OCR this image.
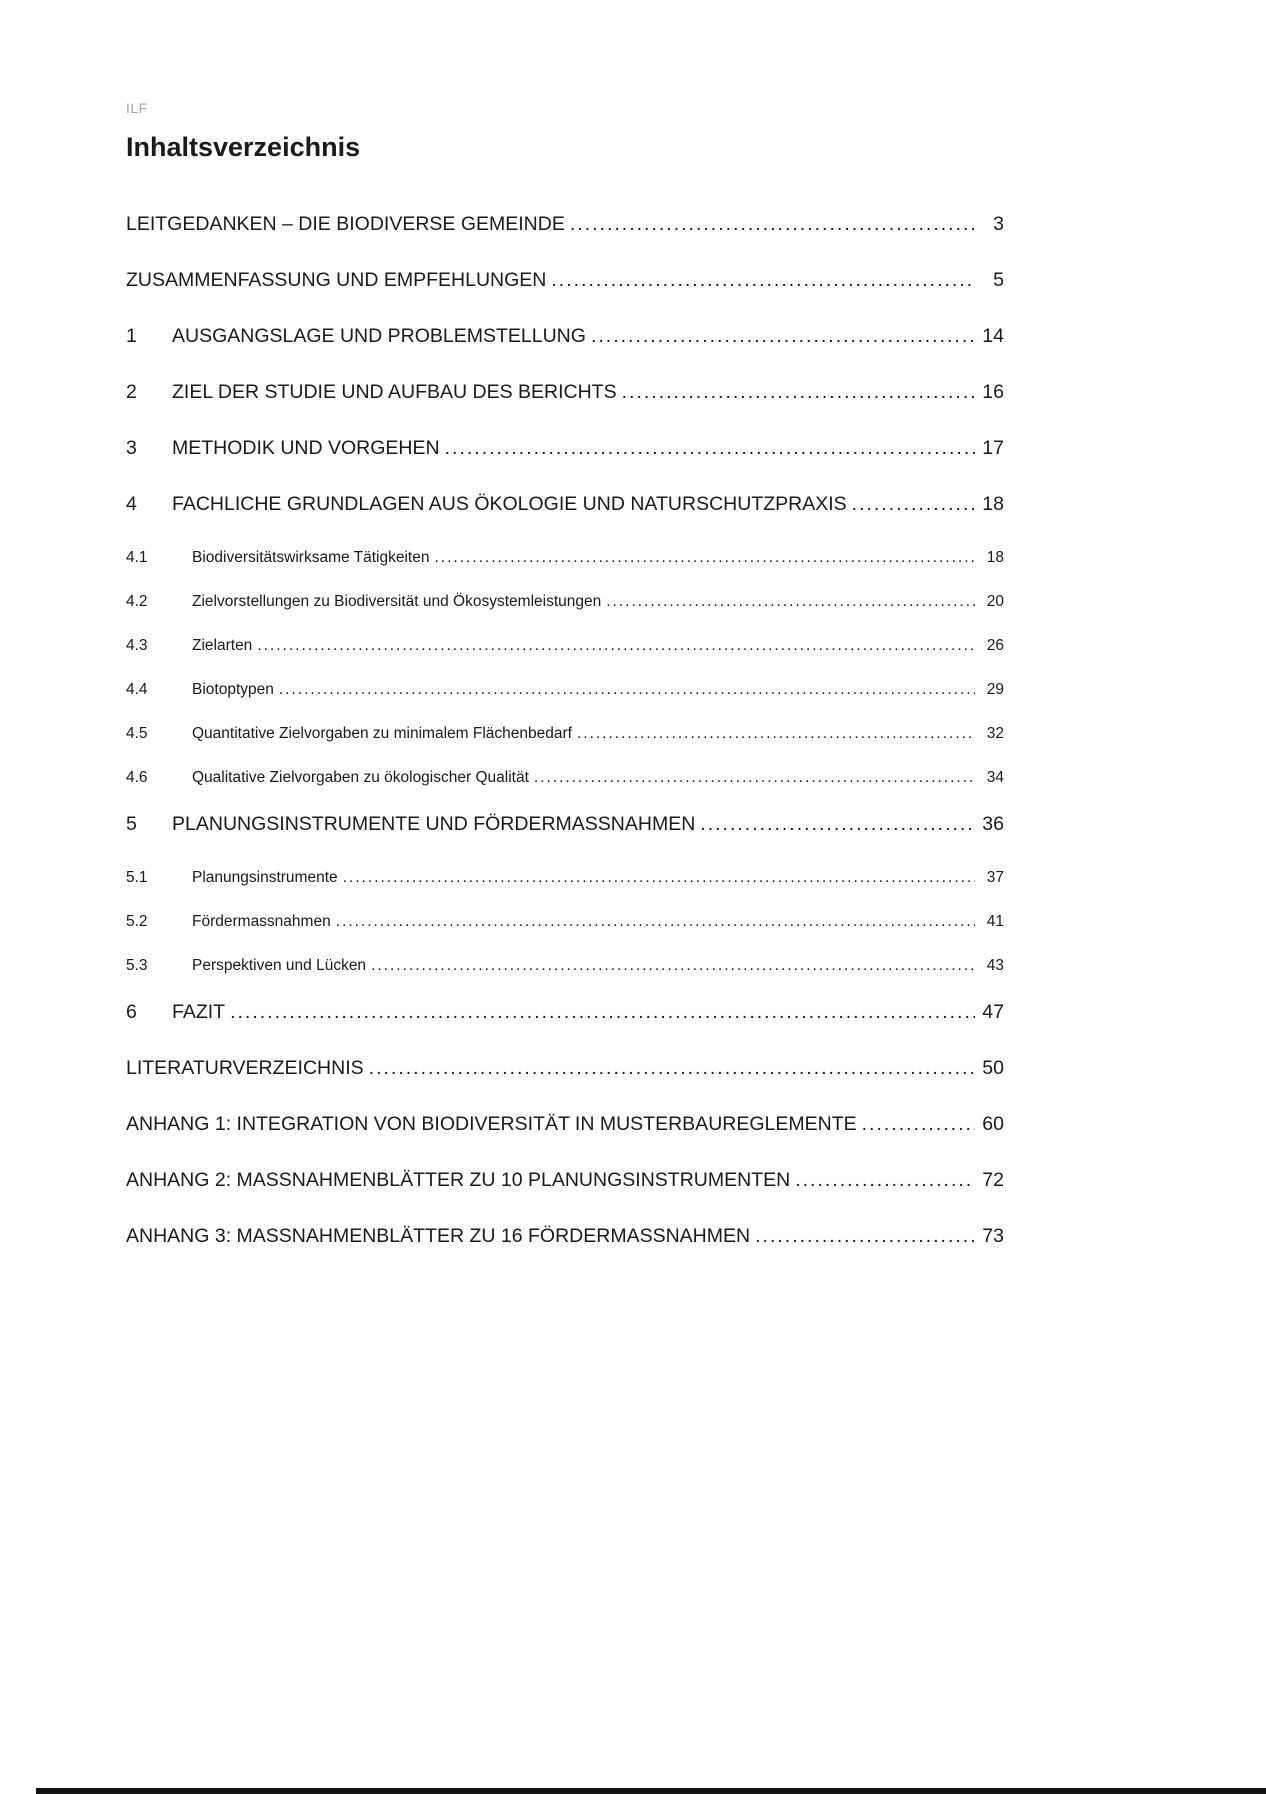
ILF
Inhaltsverzeichnis
LEITGEDANKEN – DIE BIODIVERSE GEMEINDE .....	3
ZUSAMMENFASSUNG UND EMPFEHLUNGEN .....	5
1	AUSGANGSLAGE UND PROBLEMSTELLUNG .....	14
2	ZIEL DER STUDIE UND AUFBAU DES BERICHTS .....	16
3	METHODIK UND VORGEHEN .....	17
4	FACHLICHE GRUNDLAGEN AUS ÖKOLOGIE UND NATURSCHUTZPRAXIS .....	18
4.1	Biodiversitätswirksame Tätigkeiten .....	18
4.2	Zielvorstellungen zu Biodiversität und Ökosystemleistungen .....	20
4.3	Zielarten .....	26
4.4	Biotoptypen .....	29
4.5	Quantitative Zielvorgaben zu minimalem Flächenbedarf .....	32
4.6	Qualitative Zielvorgaben zu ökologischer Qualität .....	34
5	PLANUNGSINSTRUMENTE UND FÖRDERMASSNAHMEN .....	36
5.1	Planungsinstrumente .....	37
5.2	Fördermassnahmen .....	41
5.3	Perspektiven und Lücken .....	43
6	FAZIT .....	47
LITERATURVERZEICHNIS .....	50
ANHANG 1: INTEGRATION VON BIODIVERSITÄT IN MUSTERBAUREGLEMENTE .....	60
ANHANG 2: MASSNAHMENBLÄTTER ZU 10 PLANUNGSINSTRUMENTEN .....	72
ANHANG 3: MASSNAHMENBLÄTTER ZU 16 FÖRDERMASSNAHMEN .....	73
